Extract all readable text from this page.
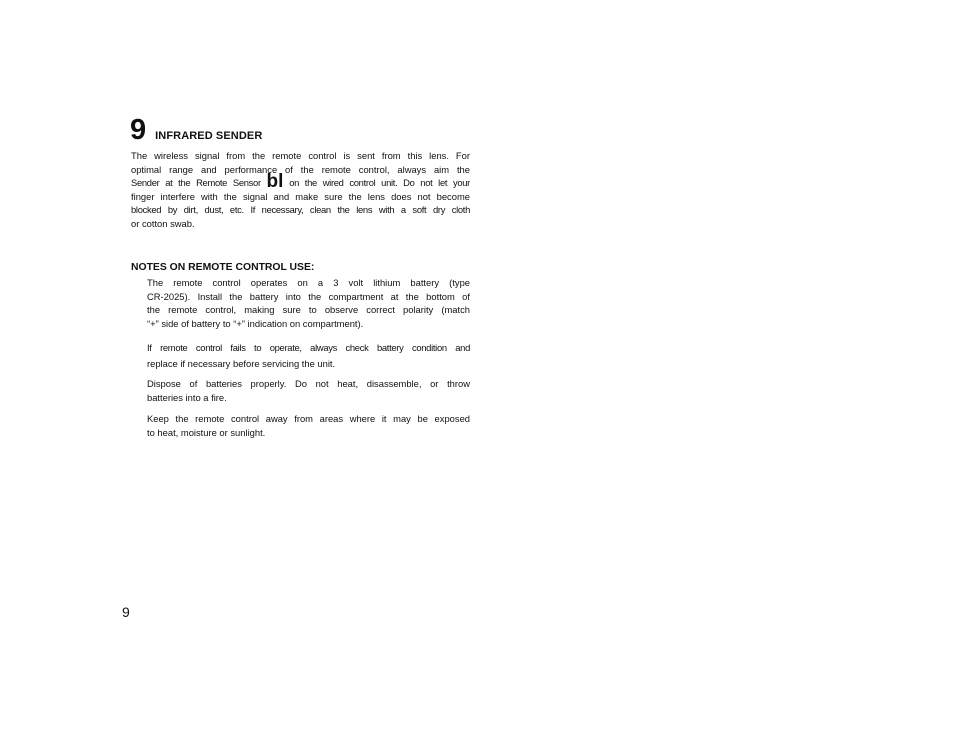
9 INFRARED SENDER
The wireless signal from the remote control is sent from this lens. For
optimal range and performance of the remote control, always aim the
Sender at the Remote Sensor bl on the wired control unit. Do not let your
finger interfere with the signal and make sure the lens does not become
blocked by dirt, dust, etc. If necessary, clean the lens with a soft dry cloth
or cotton swab.

NOTES ON REMOTE CONTROL USE:

The remote control operates on a 3 volt lithium battery (type
CR-2025). Install the battery into the compartment at the bottom of
the remote control, making sure to observe correct polarity (match
“+” side of battery to “+” indication on compartment).
If remote control fails to operate, always check battery condition and
replace if necessary before servicing the unit.
Dispose of batteries properly. Do not heat, disassemble, or throw
batteries into a fire.
Keep the remote control away from areas where it may be exposed
to heat, moisture or sunlight.

9
